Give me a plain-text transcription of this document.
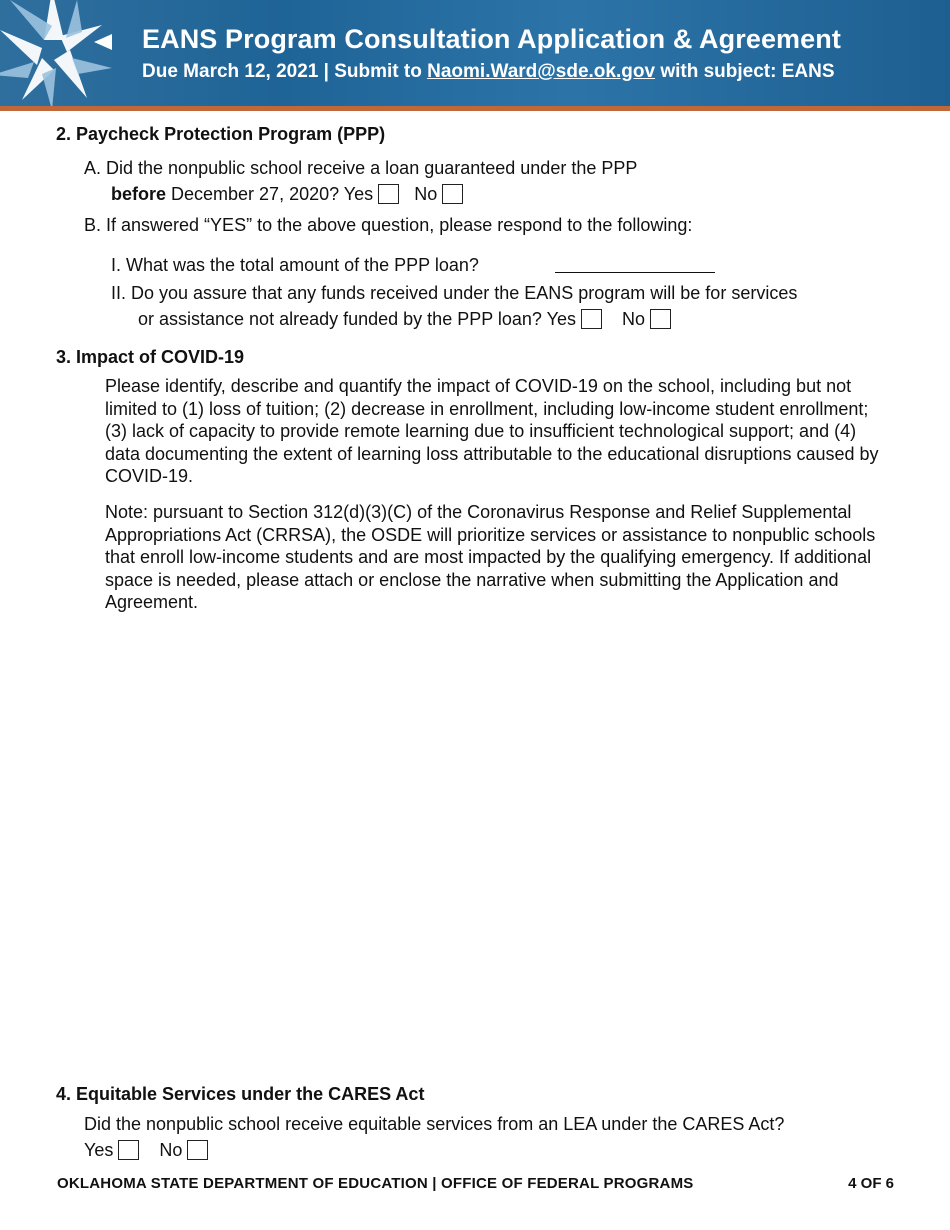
EANS Program Consultation Application & Agreement
Due March 12, 2021 | Submit to Naomi.Ward@sde.ok.gov with subject: EANS
2. Paycheck Protection Program (PPP)
A. Did the nonpublic school receive a loan guaranteed under the PPP
before December 27, 2020? Yes No
B. If answered “YES” to the above question, please respond to the following:
I. What was the total amount of the PPP loan?
II. Do you assure that any funds received under the EANS program will be for services
or assistance not already funded by the PPP loan? Yes	No
3. Impact of COVID-19
Please identify, describe and quantify the impact of COVID-19 on the school, including but not limited to (1) loss of tuition; (2) decrease in enrollment, including low-income student enrollment; (3) lack of capacity to provide remote learning due to insufficient technological support; and (4) data documenting the extent of learning loss attributable to the educational disruptions caused by COVID-19.
Note: pursuant to Section 312(d)(3)(C) of the Coronavirus Response and Relief Supplemental Appropriations Act (CRRSA), the OSDE will prioritize services or assistance to nonpublic schools that enroll low-income students and are most impacted by the qualifying emergency. If additional space is needed, please attach or enclose the narrative when submitting the Application and Agreement.
4. Equitable Services under the CARES Act
Did the nonpublic school receive equitable services from an LEA under the CARES Act?
Yes	No
OKLAHOMA STATE DEPARTMENT OF EDUCATION | OFFICE OF FEDERAL PROGRAMS	4 OF 6
